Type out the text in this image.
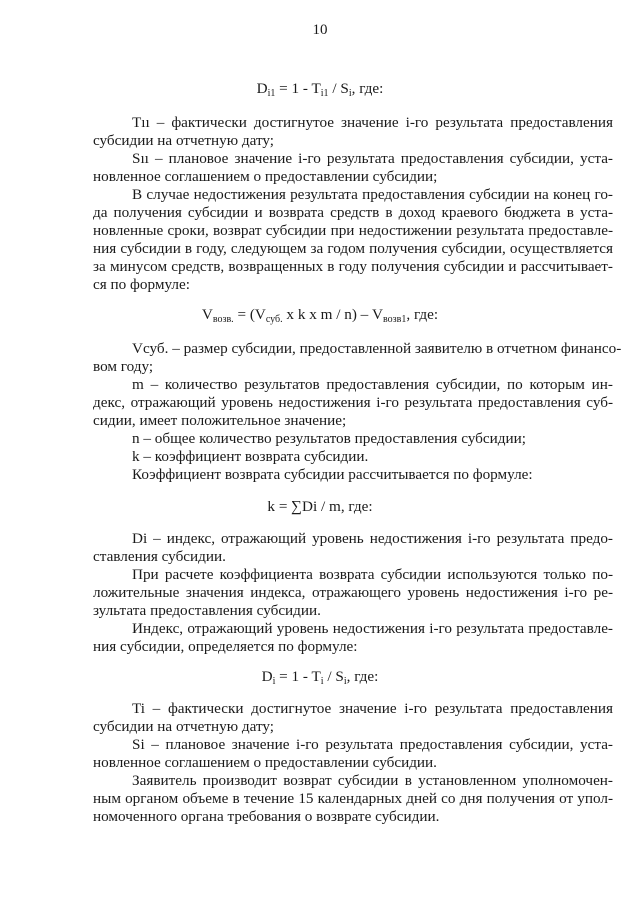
10
$D_{i1} = 1 - T_{i1} / S_i$, где:
Тıı – фактически достигнутое значение i-го результата предоставления
субсидии на отчетную дату;
Sıı – плановое значение i-го результата предоставления субсидии, уста-
новленное соглашением о предоставлении субсидии;
В случае недостижения результата предоставления субсидии на конец го-
да получения субсидии и возврата средств в доход краевого бюджета в уста-
новленные сроки, возврат субсидии при недостижении результата предоставле-
ния субсидии в году, следующем за годом получения субсидии, осуществляется
за минусом средств, возвращенных в году получения субсидии и рассчитывает-
ся по формуле:
$V_{возв.} = (V_{суб.}$ x k x m / $n) - V_{возв1}$, где:
Vсуб. – размер субсидии, предоставленной заявителю в отчетном финансо-
вом году;
m – количество результатов предоставления субсидии, по которым ин-
декс, отражающий уровень недостижения i-го результата предоставления суб-
сидии, имеет положительное значение;
n – общее количество результатов предоставления субсидии;
k – коэффициент возврата субсидии.
Коэффициент возврата субсидии рассчитывается по формуле:
k = ∑Di / m, где:
Di – индекс, отражающий уровень недостижения i-го результата предо-
ставления субсидии.
При расчете коэффициента возврата субсидии используются только по-
ложительные значения индекса, отражающего уровень недостижения i-го ре-
зультата предоставления субсидии.
Индекс, отражающий уровень недостижения i-го результата предоставле-
ния субсидии, определяется по формуле:
$D_i = 1 - T_i / S_i$, где:
Ti – фактически достигнутое значение i-го результата предоставления
субсидии на отчетную дату;
Si – плановое значение i-го результата предоставления субсидии, уста-
новленное соглашением о предоставлении субсидии.
Заявитель производит возврат субсидии в установленном уполномочен-
ным органом объеме в течение 15 календарных дней со дня получения от упол-
номоченного органа требования о возврате субсидии.
